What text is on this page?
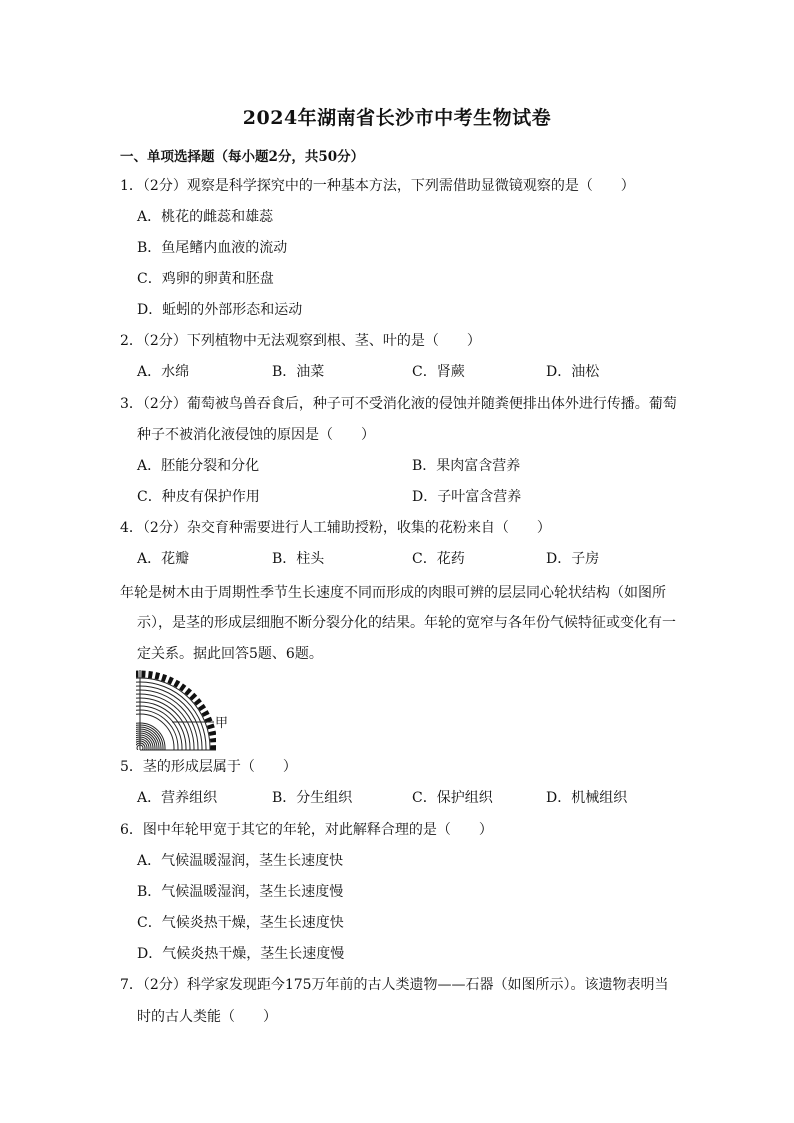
2024年湖南省长沙市中考生物试卷
一、单项选择题（每小题2分，共50分）
1．（2分）观察是科学探究中的一种基本方法，下列需借助显微镜观察的是（　　）
A．桃花的雌蕊和雄蕊
B．鱼尾鳍内血液的流动
C．鸡卵的卵黄和胚盘
D．蚯蚓的外部形态和运动
2．（2分）下列植物中无法观察到根、茎、叶的是（　　）
A．水绵	B．油菜	C．肾蕨	D．油松
3．（2分）葡萄被鸟兽吞食后，种子可不受消化液的侵蚀并随粪便排出体外进行传播。葡萄
种子不被消化液侵蚀的原因是（　　）
A．胚能分裂和分化	B．果肉富含营养
C．种皮有保护作用	D．子叶富含营养
4．（2分）杂交育种需要进行人工辅助授粉，收集的花粉来自（　　）
A．花瓣	B．柱头	C．花药	D．子房
年轮是树木由于周期性季节生长速度不同而形成的肉眼可辨的层层同心轮状结构（如图所
示），是茎的形成层细胞不断分裂分化的结果。年轮的宽窄与各年份气候特征或变化有一
定关系。据此回答5题、6题。
甲
5．茎的形成层属于（　　）
A．营养组织	B．分生组织	C．保护组织	D．机械组织
6．图中年轮甲宽于其它的年轮，对此解释合理的是（　　）
A．气候温暖湿润，茎生长速度快
B．气候温暖湿润，茎生长速度慢
C．气候炎热干燥，茎生长速度快
D．气候炎热干燥，茎生长速度慢
7．（2分）科学家发现距今175万年前的古人类遗物——石器（如图所示）。该遗物表明当
时的古人类能（　　）
